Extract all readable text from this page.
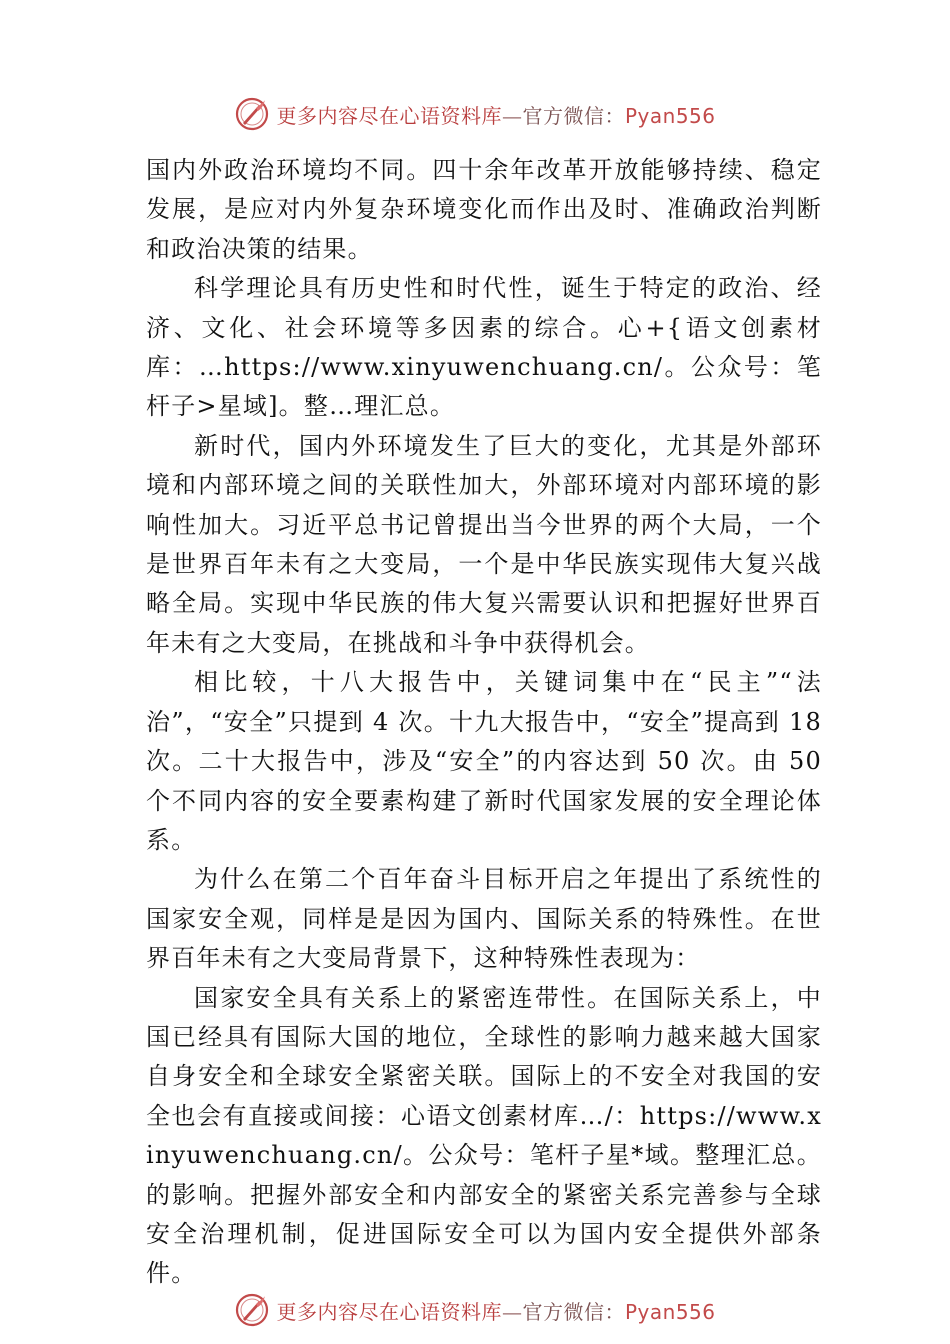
更多内容尽在心语资料库—官方微信：Pyan556

国内外政治环境均不同。四十余年改革开放能够持续、稳定发展，是应对内外复杂环境变化而作出及时、准确政治判断和政治决策的结果。

科学理论具有历史性和时代性，诞生于特定的政治、经济、文化、社会环境等多因素的综合。心+{语文创素材库：…https://www.xinyuwenchuang.cn/。公众号：笔杆子>星域]。整…理汇总。

新时代，国内外环境发生了巨大的变化，尤其是外部环境和内部环境之间的关联性加大，外部环境对内部环境的影响性加大。习近平总书记曾提出当今世界的两个大局，一个是世界百年未有之大变局，一个是中华民族实现伟大复兴战略全局。实现中华民族的伟大复兴需要认识和把握好世界百年未有之大变局，在挑战和斗争中获得机会。

相比较，十八大报告中，关键词集中在“民主”“法治”，“安全”只提到 4 次。十九大报告中，“安全”提高到 18 次。二十大报告中，涉及“安全”的内容达到 50 次。由 50 个不同内容的安全要素构建了新时代国家发展的安全理论体系。

为什么在第二个百年奋斗目标开启之年提出了系统性的国家安全观，同样是是因为国内、国际关系的特殊性。在世界百年未有之大变局背景下，这种特殊性表现为：

国家安全具有关系上的紧密连带性。在国际关系上，中国已经具有国际大国的地位，全球性的影响力越来越大国家自身安全和全球安全紧密关联。国际上的不安全对我国的安全也会有直接或间接：心语文创素材库…/：https://www.xinyuwenchuang.cn/。公众号：笔杆子星*域。整理汇总。的影响。把握外部安全和内部安全的紧密关系完善参与全球安全治理机制，促进国际安全可以为国内安全提供外部条件。

更多内容尽在心语资料库—官方微信：Pyan556
